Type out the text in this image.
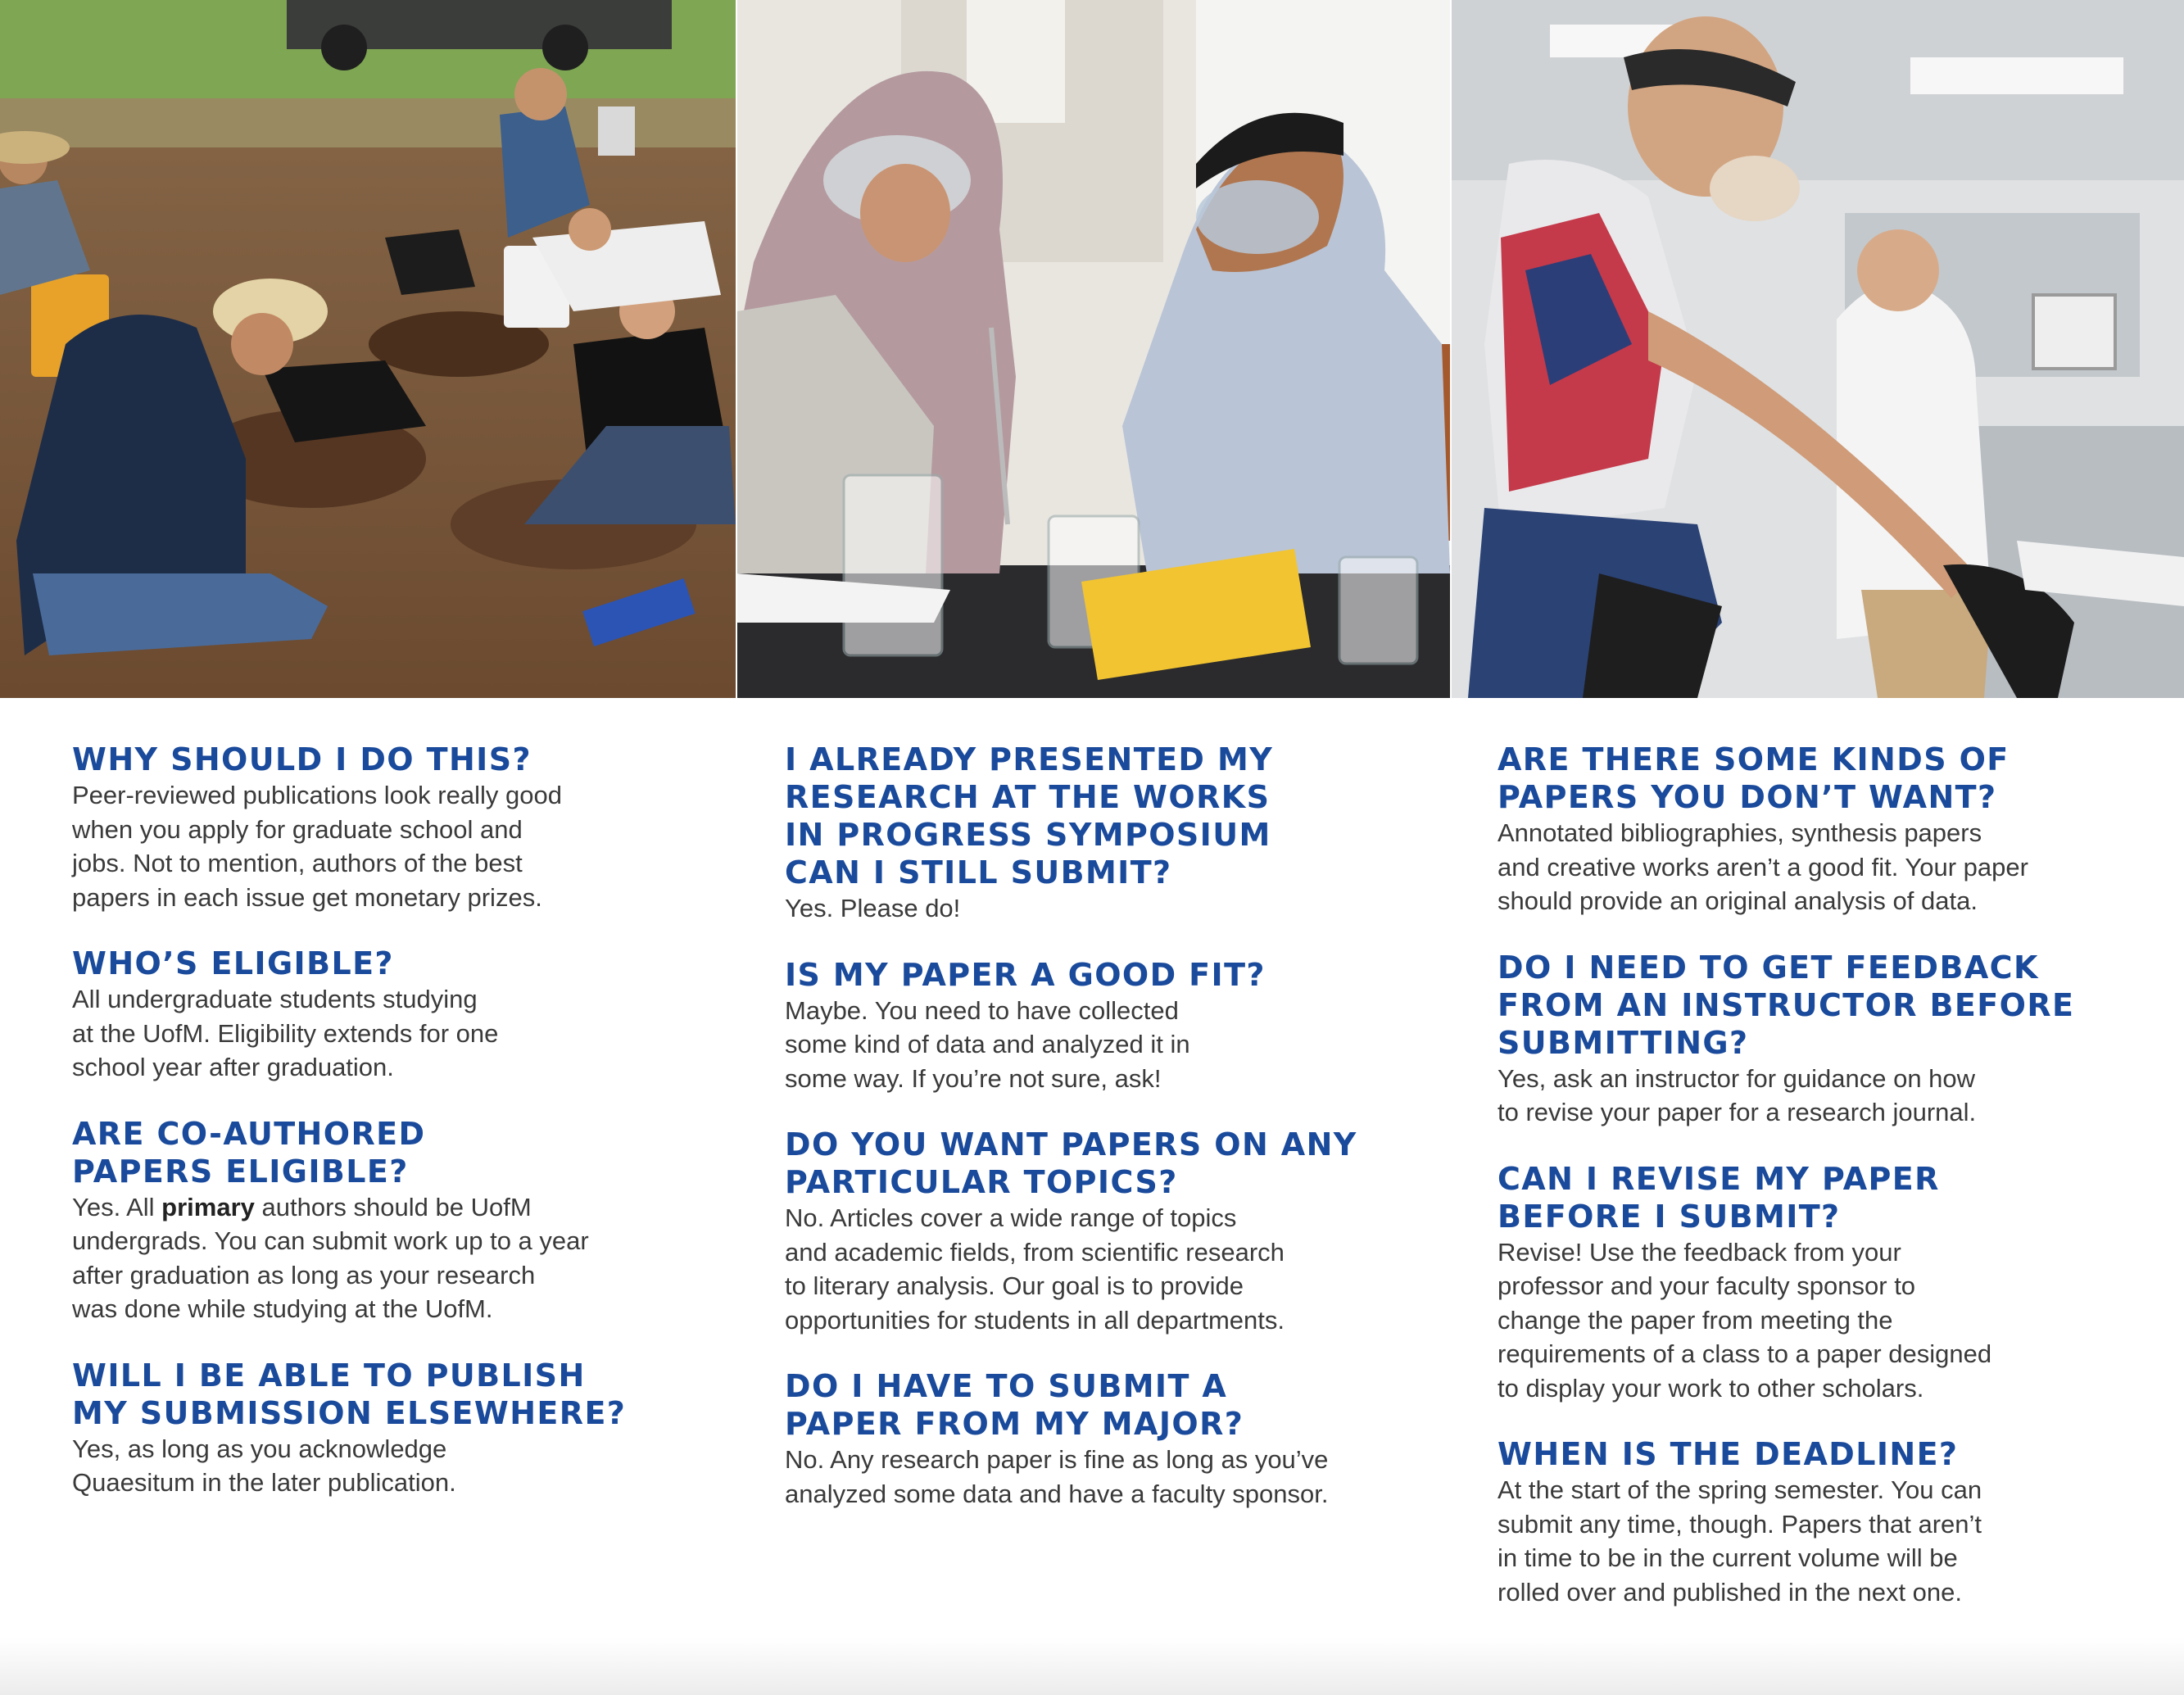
WHY SHOULD I DO THIS?

Peer-reviewed publications look really good
when you apply for graduate school and
jobs. Not to mention, authors of the best
papers in each issue get monetary prizes.

WHO’S ELIGIBLE?

All undergraduate students studying
at the UofM. Eligibility extends for one
school year after graduation.

ARE CO-AUTHORED
PAPERS ELIGIBLE?

Yes. All primary authors should be UofM
undergrads. You can submit work up to a year
after graduation as long as your research
was done while studying at the UofM.

WILL I BE ABLE TO PUBLISH
MY SUBMISSION ELSEWHERE?

Yes, as long as you acknowledge
Quaesitum in the later publication.

I ALREADY PRESENTED MY
RESEARCH AT THE WORKS
IN PROGRESS SYMPOSIUM
CAN I STILL SUBMIT?

Yes. Please do!

IS MY PAPER A GOOD FIT?

Maybe. You need to have collected
some kind of data and analyzed it in
some way. If you’re not sure, ask!

DO YOU WANT PAPERS ON ANY
PARTICULAR TOPICS?

No. Articles cover a wide range of topics
and academic fields, from scientific research
to literary analysis. Our goal is to provide
opportunities for students in all departments.

DO I HAVE TO SUBMIT A
PAPER FROM MY MAJOR?

No. Any research paper is fine as long as you’ve
analyzed some data and have a faculty sponsor.

ARE THERE SOME KINDS OF
PAPERS YOU DON’T WANT?

Annotated bibliographies, synthesis papers
and creative works aren’t a good fit. Your paper
should provide an original analysis of data.

DO I NEED TO GET FEEDBACK
FROM AN INSTRUCTOR BEFORE
SUBMITTING?

Yes, ask an instructor for guidance on how
to revise your paper for a research journal.

CAN I REVISE MY PAPER
BEFORE I SUBMIT?

Revise! Use the feedback from your
professor and your faculty sponsor to
change the paper from meeting the
requirements of a class to a paper designed
to display your work to other scholars.

WHEN IS THE DEADLINE?

At the start of the spring semester. You can
submit any time, though. Papers that aren’t
in time to be in the current volume will be
rolled over and published in the next one.
